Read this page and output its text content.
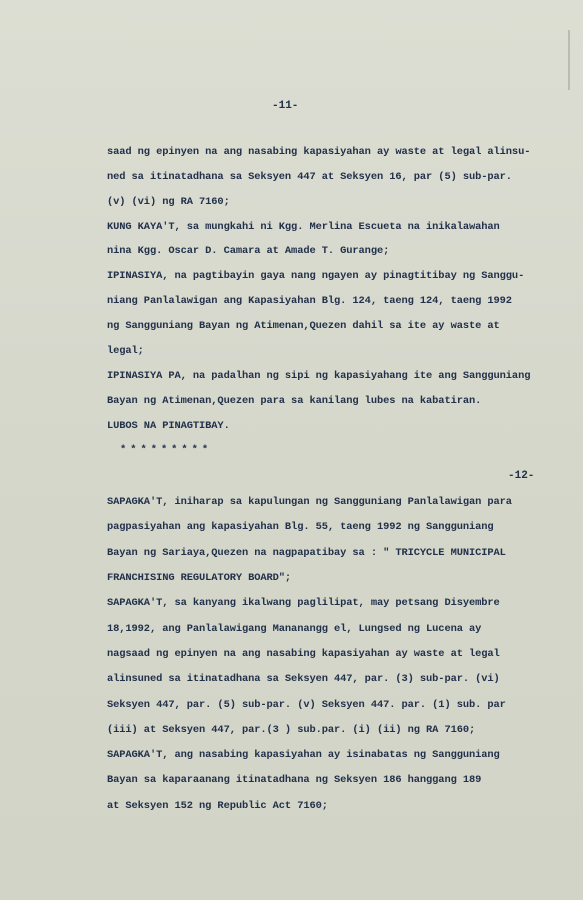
-11-
saad ng epinyen na ang nasabing kapasiyahan ay waste at legal alinsu-
ned sa itinatadhana sa Seksyen 447 at Seksyen 16, par (5) sub-par.
(v) (vi) ng RA 7160;
KUNG KAYA'T, sa mungkahi ni Kgg. Merlina Escueta na inikalawahan
nina Kgg. Oscar D. Camara at Amade T. Gurange;
IPINASIYA, na pagtibayin gaya nang ngayen ay pinagtitibay ng Sanggu-
niang Panlalawigan ang Kapasiyahan Blg. 124, taeng 124, taeng 1992
ng Sangguniang Bayan ng Atimenan,Quezen dahil sa ite ay waste at
legal;
IPINASIYA PA, na padalhan ng sipi ng kapasiyahang ite ang Sangguniang
Bayan ng Atimenan,Quezen para sa kanilang lubes na kabatiran.
LUBOS NA PINAGTIBAY.
*********
-12-
SAPAGKA'T, iniharap sa kapulungan ng Sangguniang Panlalawigan para
pagpasiyahan ang kapasiyahan Blg. 55, taeng 1992 ng Sangguniang
Bayan ng Sariaya,Quezen na nagpapatibay sa : " TRICYCLE MUNICIPAL
FRANCHISING REGULATORY BOARD";
SAPAGKA'T, sa kanyang ikalwang paglilipat, may petsang Disyembre
18,1992, ang Panlalawigang Mananangg el, Lungsed ng Lucena ay
nagsaad ng epinyen na ang nasabing kapasiyahan ay waste at legal
alinsuned sa itinatadhana sa Seksyen 447, par. (3) sub-par. (vi)
Seksyen 447, par. (5) sub-par. (v) Seksyen 447. par. (1) sub. par
(iii) at Seksyen 447, par.(3 ) sub.par. (i) (ii) ng RA 7160;
SAPAGKA'T, ang nasabing kapasiyahan ay isinabatas ng Sangguniang
Bayan sa kaparaanang itinatadhana ng Seksyen 186 hanggang 189
at Seksyen 152 ng Republic Act 7160;
